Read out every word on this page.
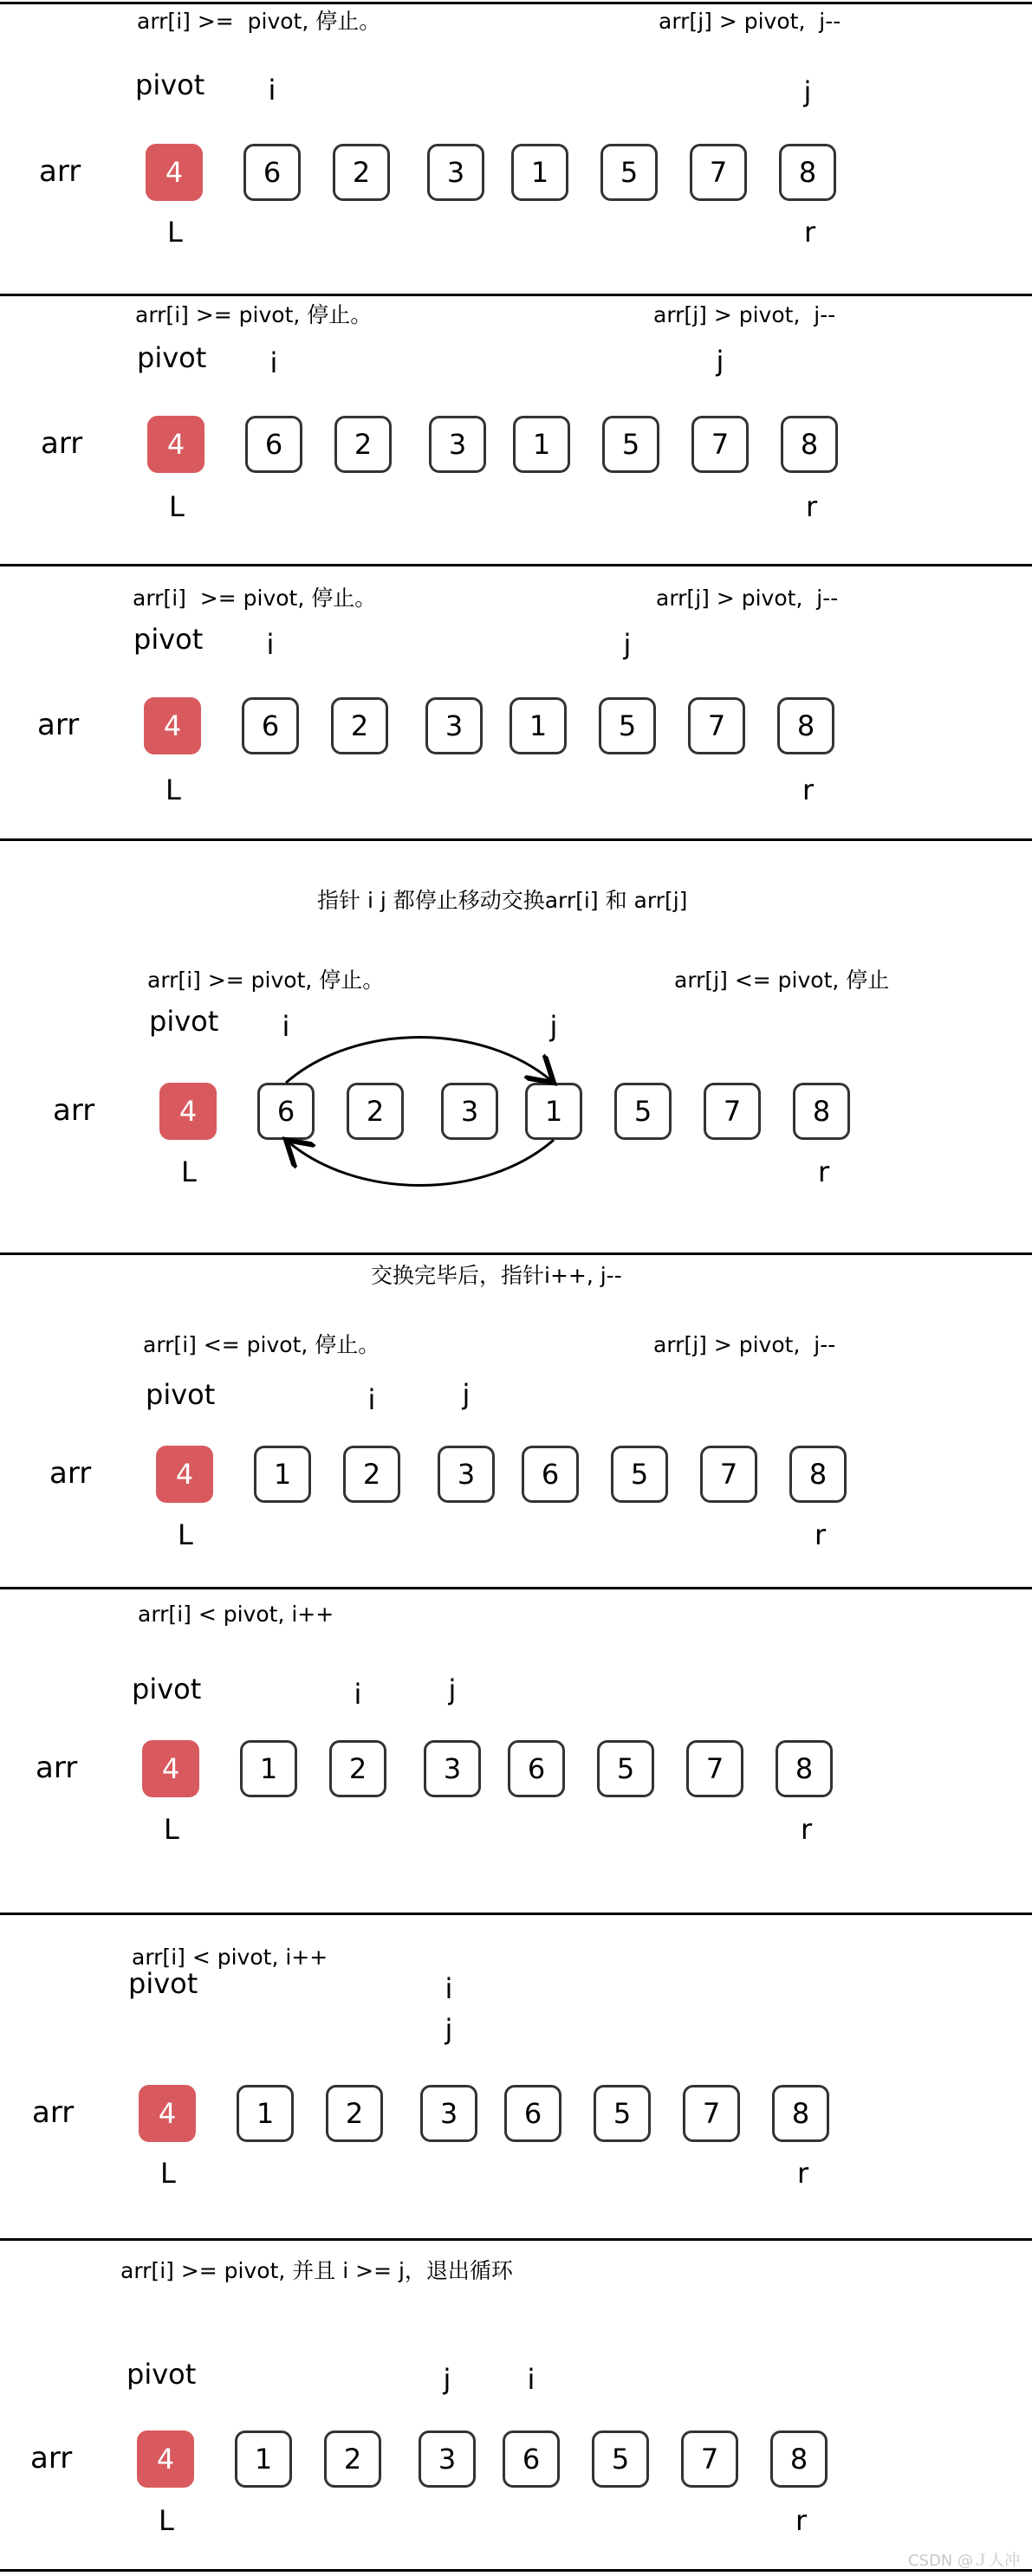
arr[i] >=  pivot, 停止。	arr[j] > pivot,  j--
arr
pivot
4	6	2	3	1	5	7	8
i	j
L	r
arr[i] >= pivot, 停止。	arr[j] > pivot,  j--
arr
pivot
4	6	2	3	1	5	7	8
i	j
L	r
arr[i]  >= pivot, 停止。	arr[j] > pivot,  j--
arr
pivot
4	6	2	3	1	5	7	8
i	j
L	r
指针 i j 都停止移动交换arr[i] 和 arr[j]
arr[i] >= pivot, 停止。	arr[j] <= pivot, 停止
arr
pivot
4	6	2	3	1	5	7	8
i	j
L	r
交换完毕后，指针i++, j--
arr[i] <= pivot, 停止。	arr[j] > pivot,  j--
arr
pivot
4	1	2	3	6	5	7	8
i	j
L	r
arr[i] < pivot, i++
arr
pivot
4	1	2	3	6	5	7	8
i	j
L	r
arr[i] < pivot, i++
arr
pivot
4	1	2	3	6	5	7	8
i
j
L	r
arr[i] >= pivot, 并且 i >= j，退出循环
arr
pivot
4	1	2	3	6	5	7	8
i
j
L	r
CSDN @Ｊ人冲
